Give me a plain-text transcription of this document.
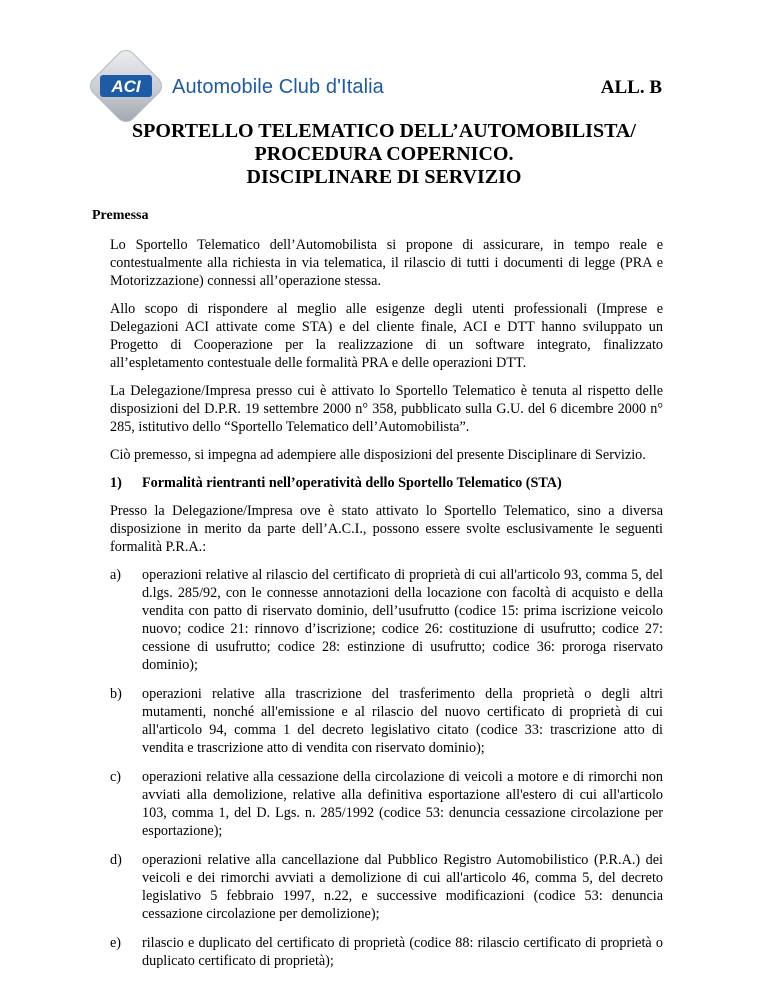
ACI Automobile Club d'Italia	ALL. B
SPORTELLO TELEMATICO DELL’AUTOMOBILISTA/
PROCEDURA COPERNICO.
DISCIPLINARE DI SERVIZIO
Premessa

Lo Sportello Telematico dell’Automobilista si propone di assicurare, in tempo reale e contestualmente alla richiesta in via telematica, il rilascio di tutti i documenti di legge (PRA e Motorizzazione) connessi all’operazione stessa.

Allo scopo di rispondere al meglio alle esigenze degli utenti professionali (Imprese e Delegazioni ACI attivate come STA) e del cliente finale, ACI e DTT hanno sviluppato un Progetto di Cooperazione per la realizzazione di un software integrato, finalizzato all’espletamento contestuale delle formalità PRA e delle operazioni DTT.

La Delegazione/Impresa presso cui è attivato lo Sportello Telematico è tenuta al rispetto delle disposizioni del D.P.R. 19 settembre 2000 n° 358, pubblicato sulla G.U. del 6 dicembre 2000 n° 285, istitutivo dello “Sportello Telematico dell’Automobilista”.

Ciò premesso, si impegna ad adempiere alle disposizioni del presente Disciplinare di Servizio.

1)	Formalità rientranti nell’operatività dello Sportello Telematico (STA)

Presso la Delegazione/Impresa ove è stato attivato lo Sportello Telematico, sino a diversa disposizione in merito da parte dell’A.C.I., possono essere svolte esclusivamente le seguenti formalità P.R.A.:

a)	operazioni relative al rilascio del certificato di proprietà di cui all'articolo 93, comma 5, del d.lgs. 285/92, con le connesse annotazioni della locazione con facoltà di acquisto e della vendita con patto di riservato dominio, dell’usufrutto (codice 15: prima iscrizione veicolo nuovo; codice 21: rinnovo d’iscrizione; codice 26: costituzione di usufrutto; codice 27: cessione di usufrutto; codice 28: estinzione di usufrutto; codice 36: proroga riservato dominio);
b)	operazioni relative alla trascrizione del trasferimento della proprietà o degli altri mutamenti, nonché all'emissione e al rilascio del nuovo certificato di proprietà di cui all'articolo 94, comma 1 del decreto legislativo citato (codice 33: trascrizione atto di vendita e trascrizione atto di vendita con riservato dominio);
c)	operazioni relative alla cessazione della circolazione di veicoli a motore e di rimorchi non avviati alla demolizione, relative alla definitiva esportazione all'estero di cui all'articolo 103, comma 1, del D. Lgs. n. 285/1992 (codice 53: denuncia cessazione circolazione per esportazione);
d)	operazioni relative alla cancellazione dal Pubblico Registro Automobilistico (P.R.A.) dei veicoli e dei rimorchi avviati a demolizione di cui all'articolo 46, comma 5, del decreto legislativo 5 febbraio 1997, n.22, e successive modificazioni (codice 53: denuncia cessazione circolazione per demolizione);
e)	rilascio e duplicato del certificato di proprietà (codice 88: rilascio certificato di proprietà o duplicato certificato di proprietà);
